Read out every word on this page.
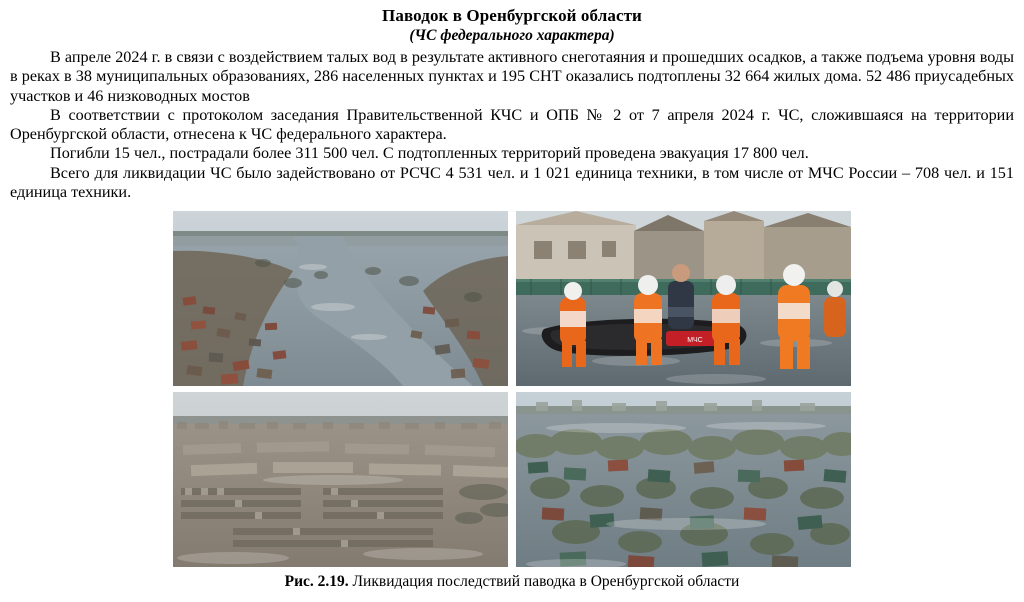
Паводок в Оренбургской области
(ЧС федерального характера)

В апреле 2024 г. в связи с воздействием талых вод в результате активного снеготаяния и прошедших осадков, а также подъема уровня воды в реках в 38 муниципальных образованиях, 286 населенных пунктах и 195 СНТ оказались подтоплены 32 664 жилых дома. 52 486 приусадебных участков и 46 низководных мостов

В соответствии с протоколом заседания Правительственной КЧС и ОПБ № 2 от 7 апреля 2024 г. ЧС, сложившаяся на территории Оренбургской области, отнесена к ЧС федерального характера.

Погибли 15 чел., пострадали более 311 500 чел. С подтопленных территорий проведена эвакуация 17 800 чел.

Всего для ликвидации ЧС было задействовано от РСЧС 4 531 чел. и 1 021 единица техники, в том числе от МЧС России – 708 чел. и 151 единица техники.

МЧС
Рис. 2.19. Ликвидация последствий паводка в Оренбургской области
